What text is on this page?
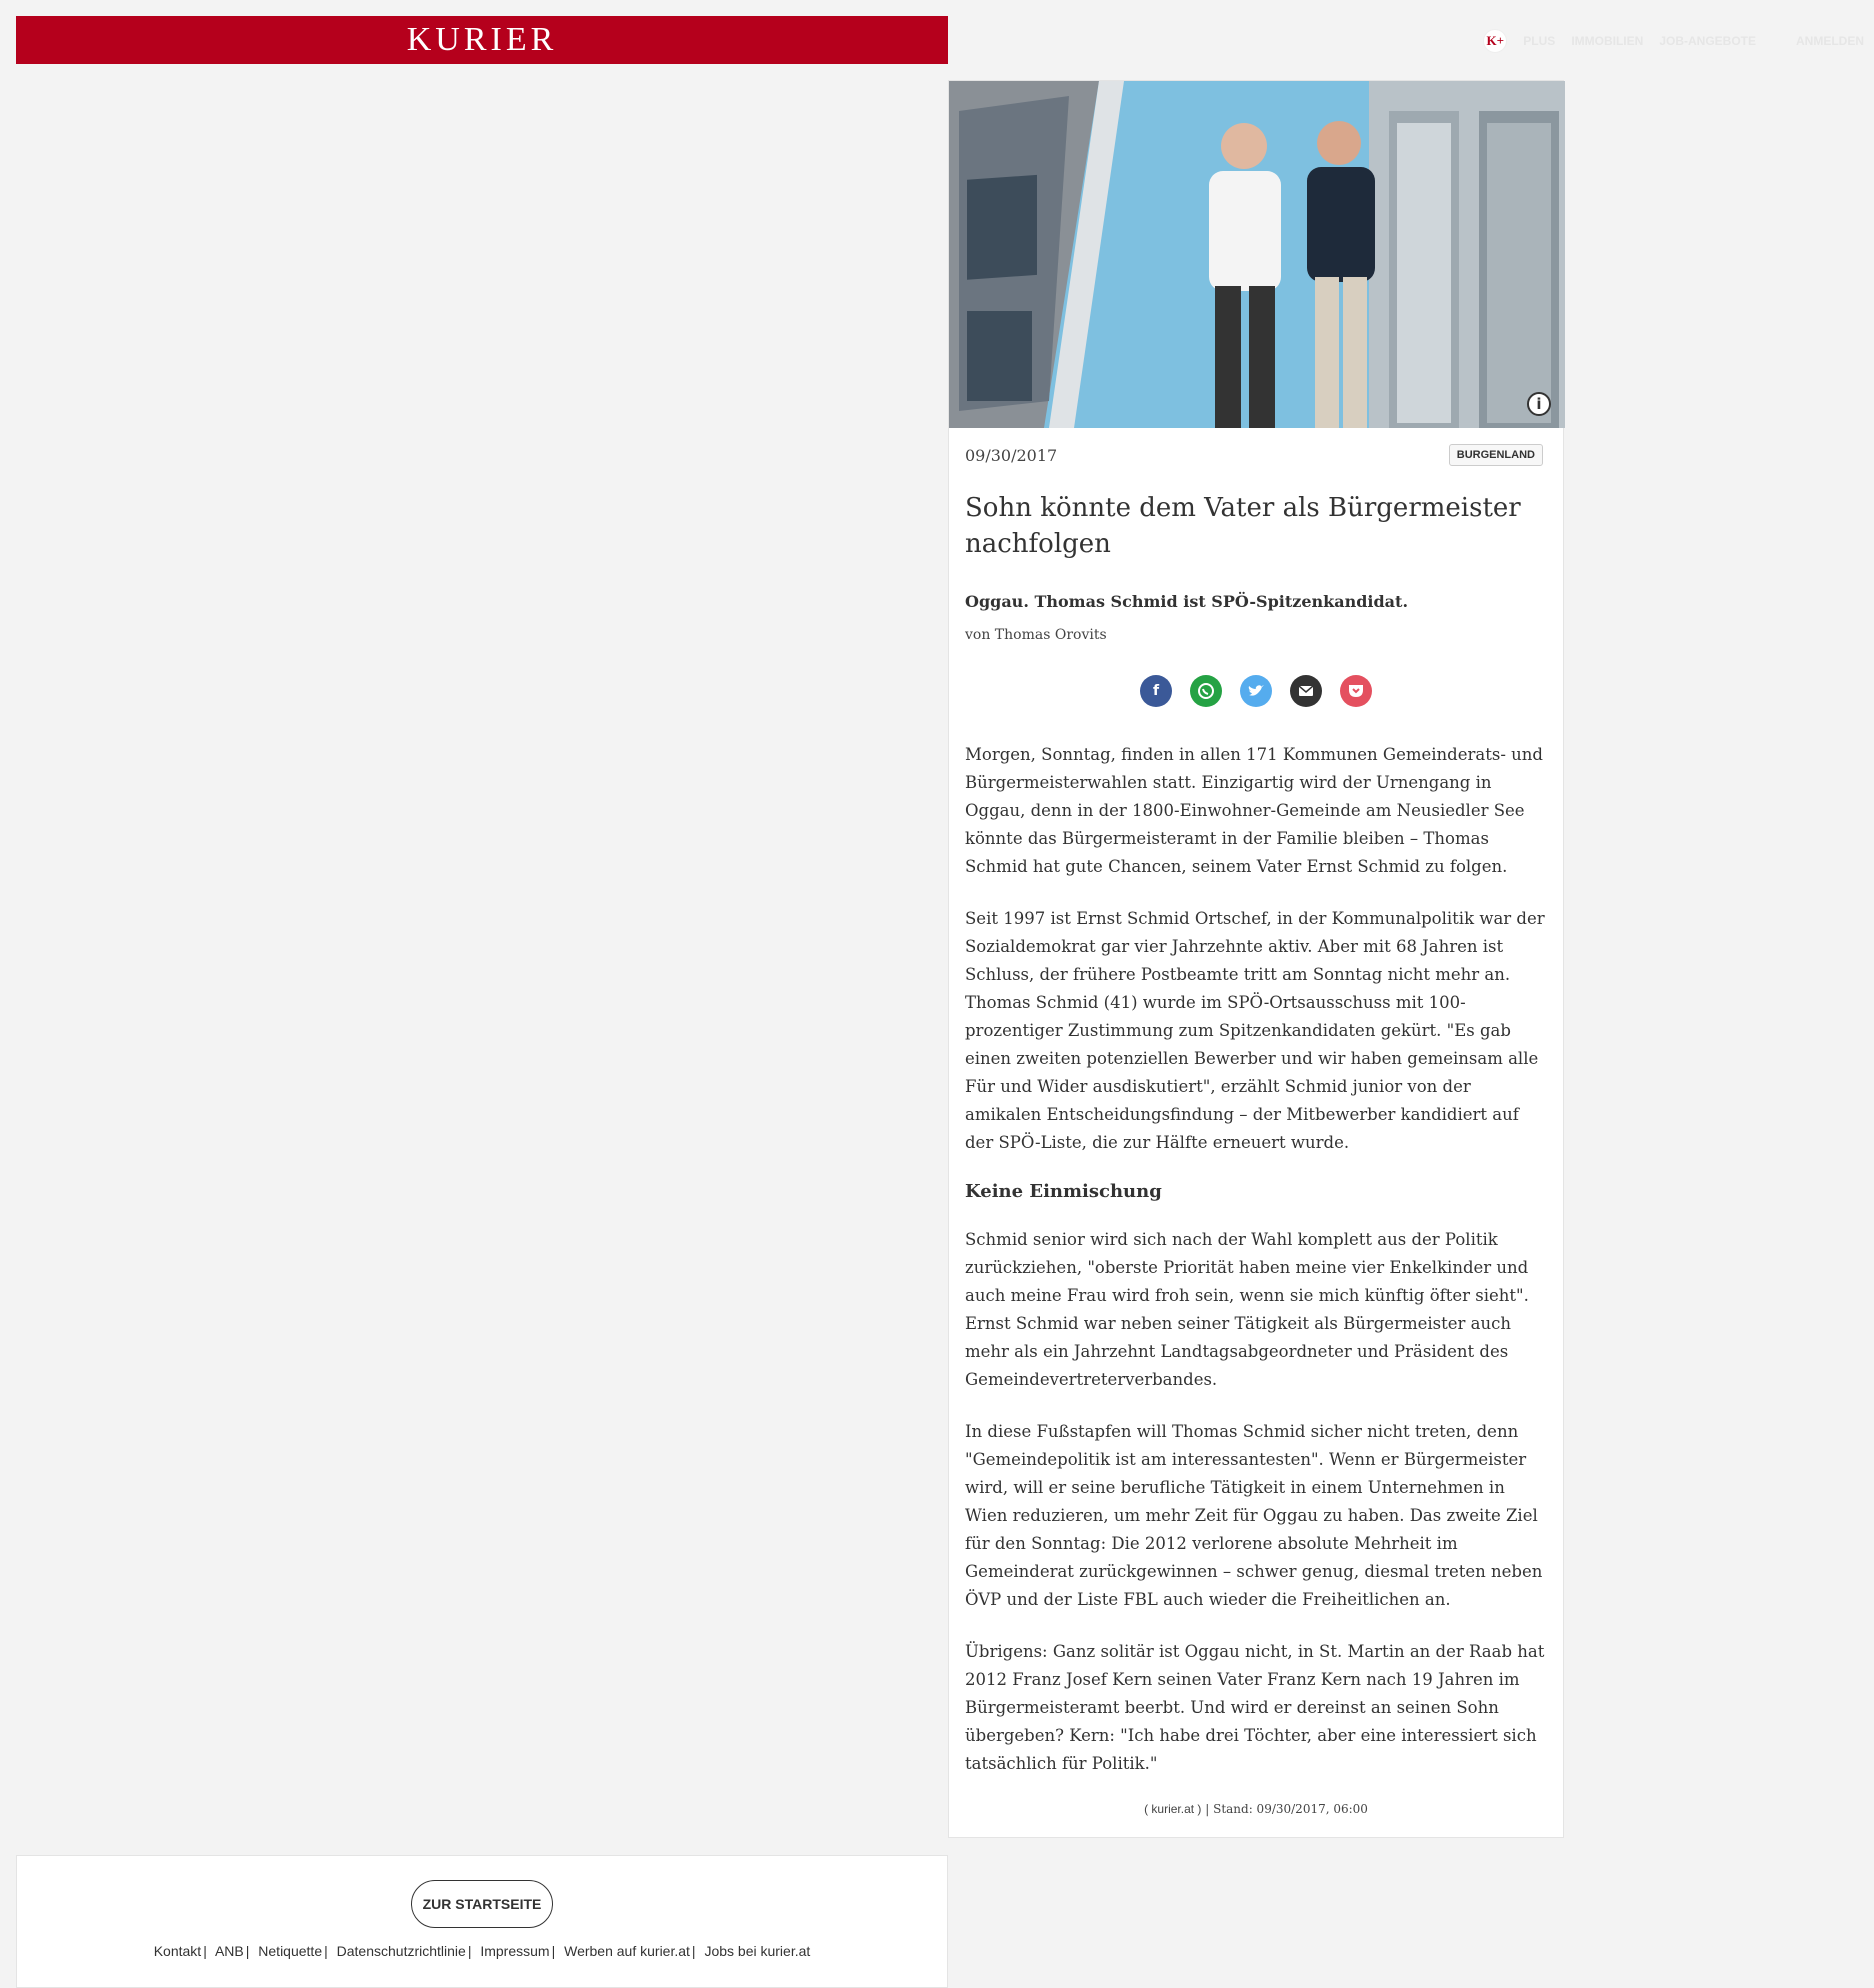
KURIER	K+ PLUS IMMOBILIEN JOB-ANGEBOTE	ANMELDEN
i
09/30/2017	BURGENLAND
Sohn könnte dem Vater als Bürgermeister nachfolgen
Oggau. Thomas Schmid ist SPÖ-Spitzenkandidat.
von Thomas Orovits
f

Morgen, Sonntag, finden in allen 171 Kommunen Gemeinderats- und Bürgermeisterwahlen statt. Einzigartig wird der Urnengang in Oggau, denn in der 1800-Einwohner-Gemeinde am Neusiedler See könnte das Bürgermeisteramt in der Familie bleiben – Thomas Schmid hat gute Chancen, seinem Vater Ernst Schmid zu folgen.

Seit 1997 ist Ernst Schmid Ortschef, in der Kommunalpolitik war der Sozialdemokrat gar vier Jahrzehnte aktiv. Aber mit 68 Jahren ist Schluss, der frühere Postbeamte tritt am Sonntag nicht mehr an. Thomas Schmid (41) wurde im SPÖ-Ortsausschuss mit 100-prozentiger Zustimmung zum Spitzenkandidaten gekürt. "Es gab einen zweiten potenziellen Bewerber und wir haben gemeinsam alle Für und Wider ausdiskutiert", erzählt Schmid junior von der amikalen Entscheidungsfindung – der Mitbewerber kandidiert auf der SPÖ-Liste, die zur Hälfte erneuert wurde.

Keine Einmischung

Schmid senior wird sich nach der Wahl komplett aus der Politik zurückziehen, "oberste Priorität haben meine vier Enkelkinder und auch meine Frau wird froh sein, wenn sie mich künftig öfter sieht". Ernst Schmid war neben seiner Tätigkeit als Bürgermeister auch mehr als ein Jahrzehnt Landtagsabgeordneter und Präsident des Gemeindevertreterverbandes.

In diese Fußstapfen will Thomas Schmid sicher nicht treten, denn "Gemeindepolitik ist am interessantesten". Wenn er Bürgermeister wird, will er seine berufliche Tätigkeit in einem Unternehmen in Wien reduzieren, um mehr Zeit für Oggau zu haben. Das zweite Ziel für den Sonntag: Die 2012 verlorene absolute Mehrheit im Gemeinderat zurückgewinnen – schwer genug, diesmal treten neben ÖVP und der Liste FBL auch wieder die Freiheitlichen an.

Übrigens: Ganz solitär ist Oggau nicht, in St. Martin an der Raab hat 2012 Franz Josef Kern seinen Vater Franz Kern nach 19 Jahren im Bürgermeisteramt beerbt. Und wird er dereinst an seinen Sohn übergeben? Kern: "Ich habe drei Töchter, aber eine interessiert sich tatsächlich für Politik."

( kurier.at ) | Stand: 09/30/2017, 06:00
ZUR STARTSEITE
Kontakt | ANB | Netiquette | Datenschutzrichtlinie | Impressum | Werben auf kurier.at | Jobs bei kurier.at
